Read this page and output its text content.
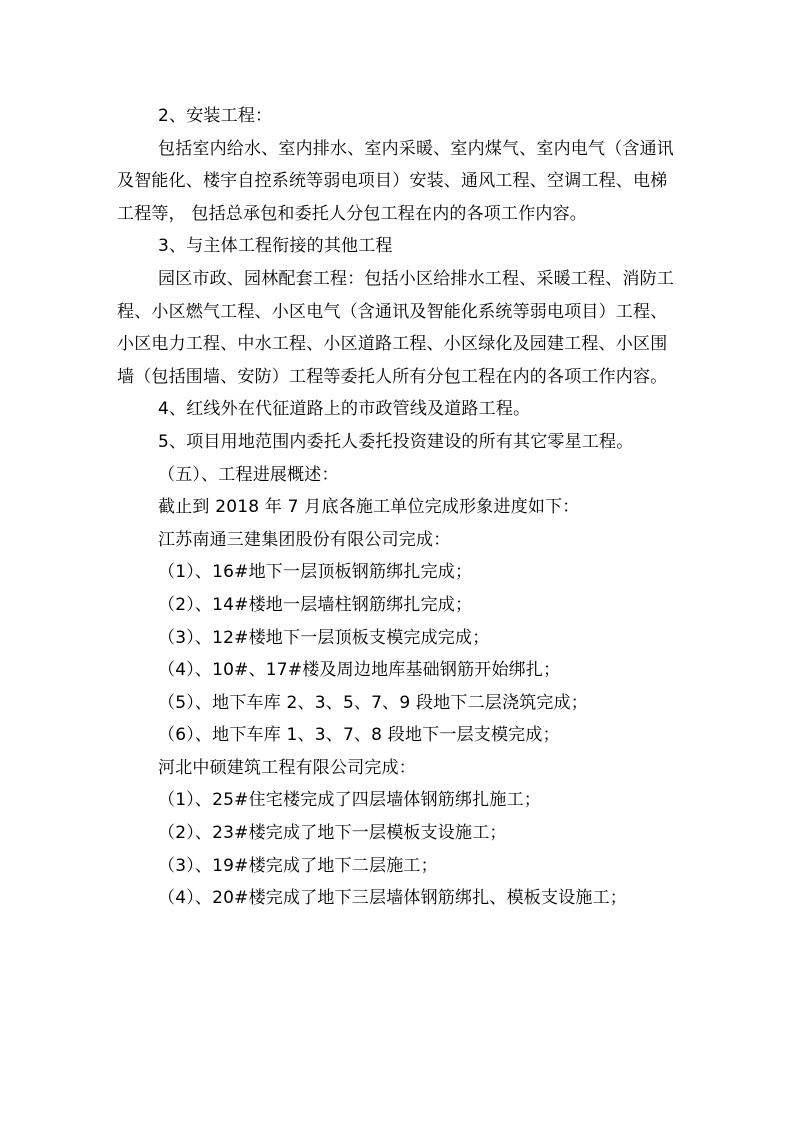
2、安装工程：

包括室内给水、室内排水、室内采暖、室内煤气、室内电气（含通讯及智能化、楼宇自控系统等弱电项目）安装、通风工程、空调工程、电梯工程等， 包括总承包和委托人分包工程在内的各项工作内容。

3、与主体工程衔接的其他工程

园区市政、园林配套工程：包括小区给排水工程、采暖工程、消防工程、小区燃气工程、小区电气（含通讯及智能化系统等弱电项目）工程、小区电力工程、中水工程、小区道路工程、小区绿化及园建工程、小区围墙（包括围墙、安防）工程等委托人所有分包工程在内的各项工作内容。

4、红线外在代征道路上的市政管线及道路工程。

5、项目用地范围内委托人委托投资建设的所有其它零星工程。

（五）、工程进展概述：

截止到 2018 年 7 月底各施工单位完成形象进度如下：

江苏南通三建集团股份有限公司完成：

（1）、16#地下一层顶板钢筋绑扎完成；

（2）、14#楼地一层墙柱钢筋绑扎完成；

（3）、12#楼地下一层顶板支模完成完成；

（4）、10#、17#楼及周边地库基础钢筋开始绑扎；

（5）、地下车库 2、3、5、7、9 段地下二层浇筑完成；

（6）、地下车库 1、3、7、8 段地下一层支模完成；

河北中硕建筑工程有限公司完成：

（1）、25#住宅楼完成了四层墙体钢筋绑扎施工；

（2）、23#楼完成了地下一层模板支设施工；

（3）、19#楼完成了地下二层施工；

（4）、20#楼完成了地下三层墙体钢筋绑扎、模板支设施工；
